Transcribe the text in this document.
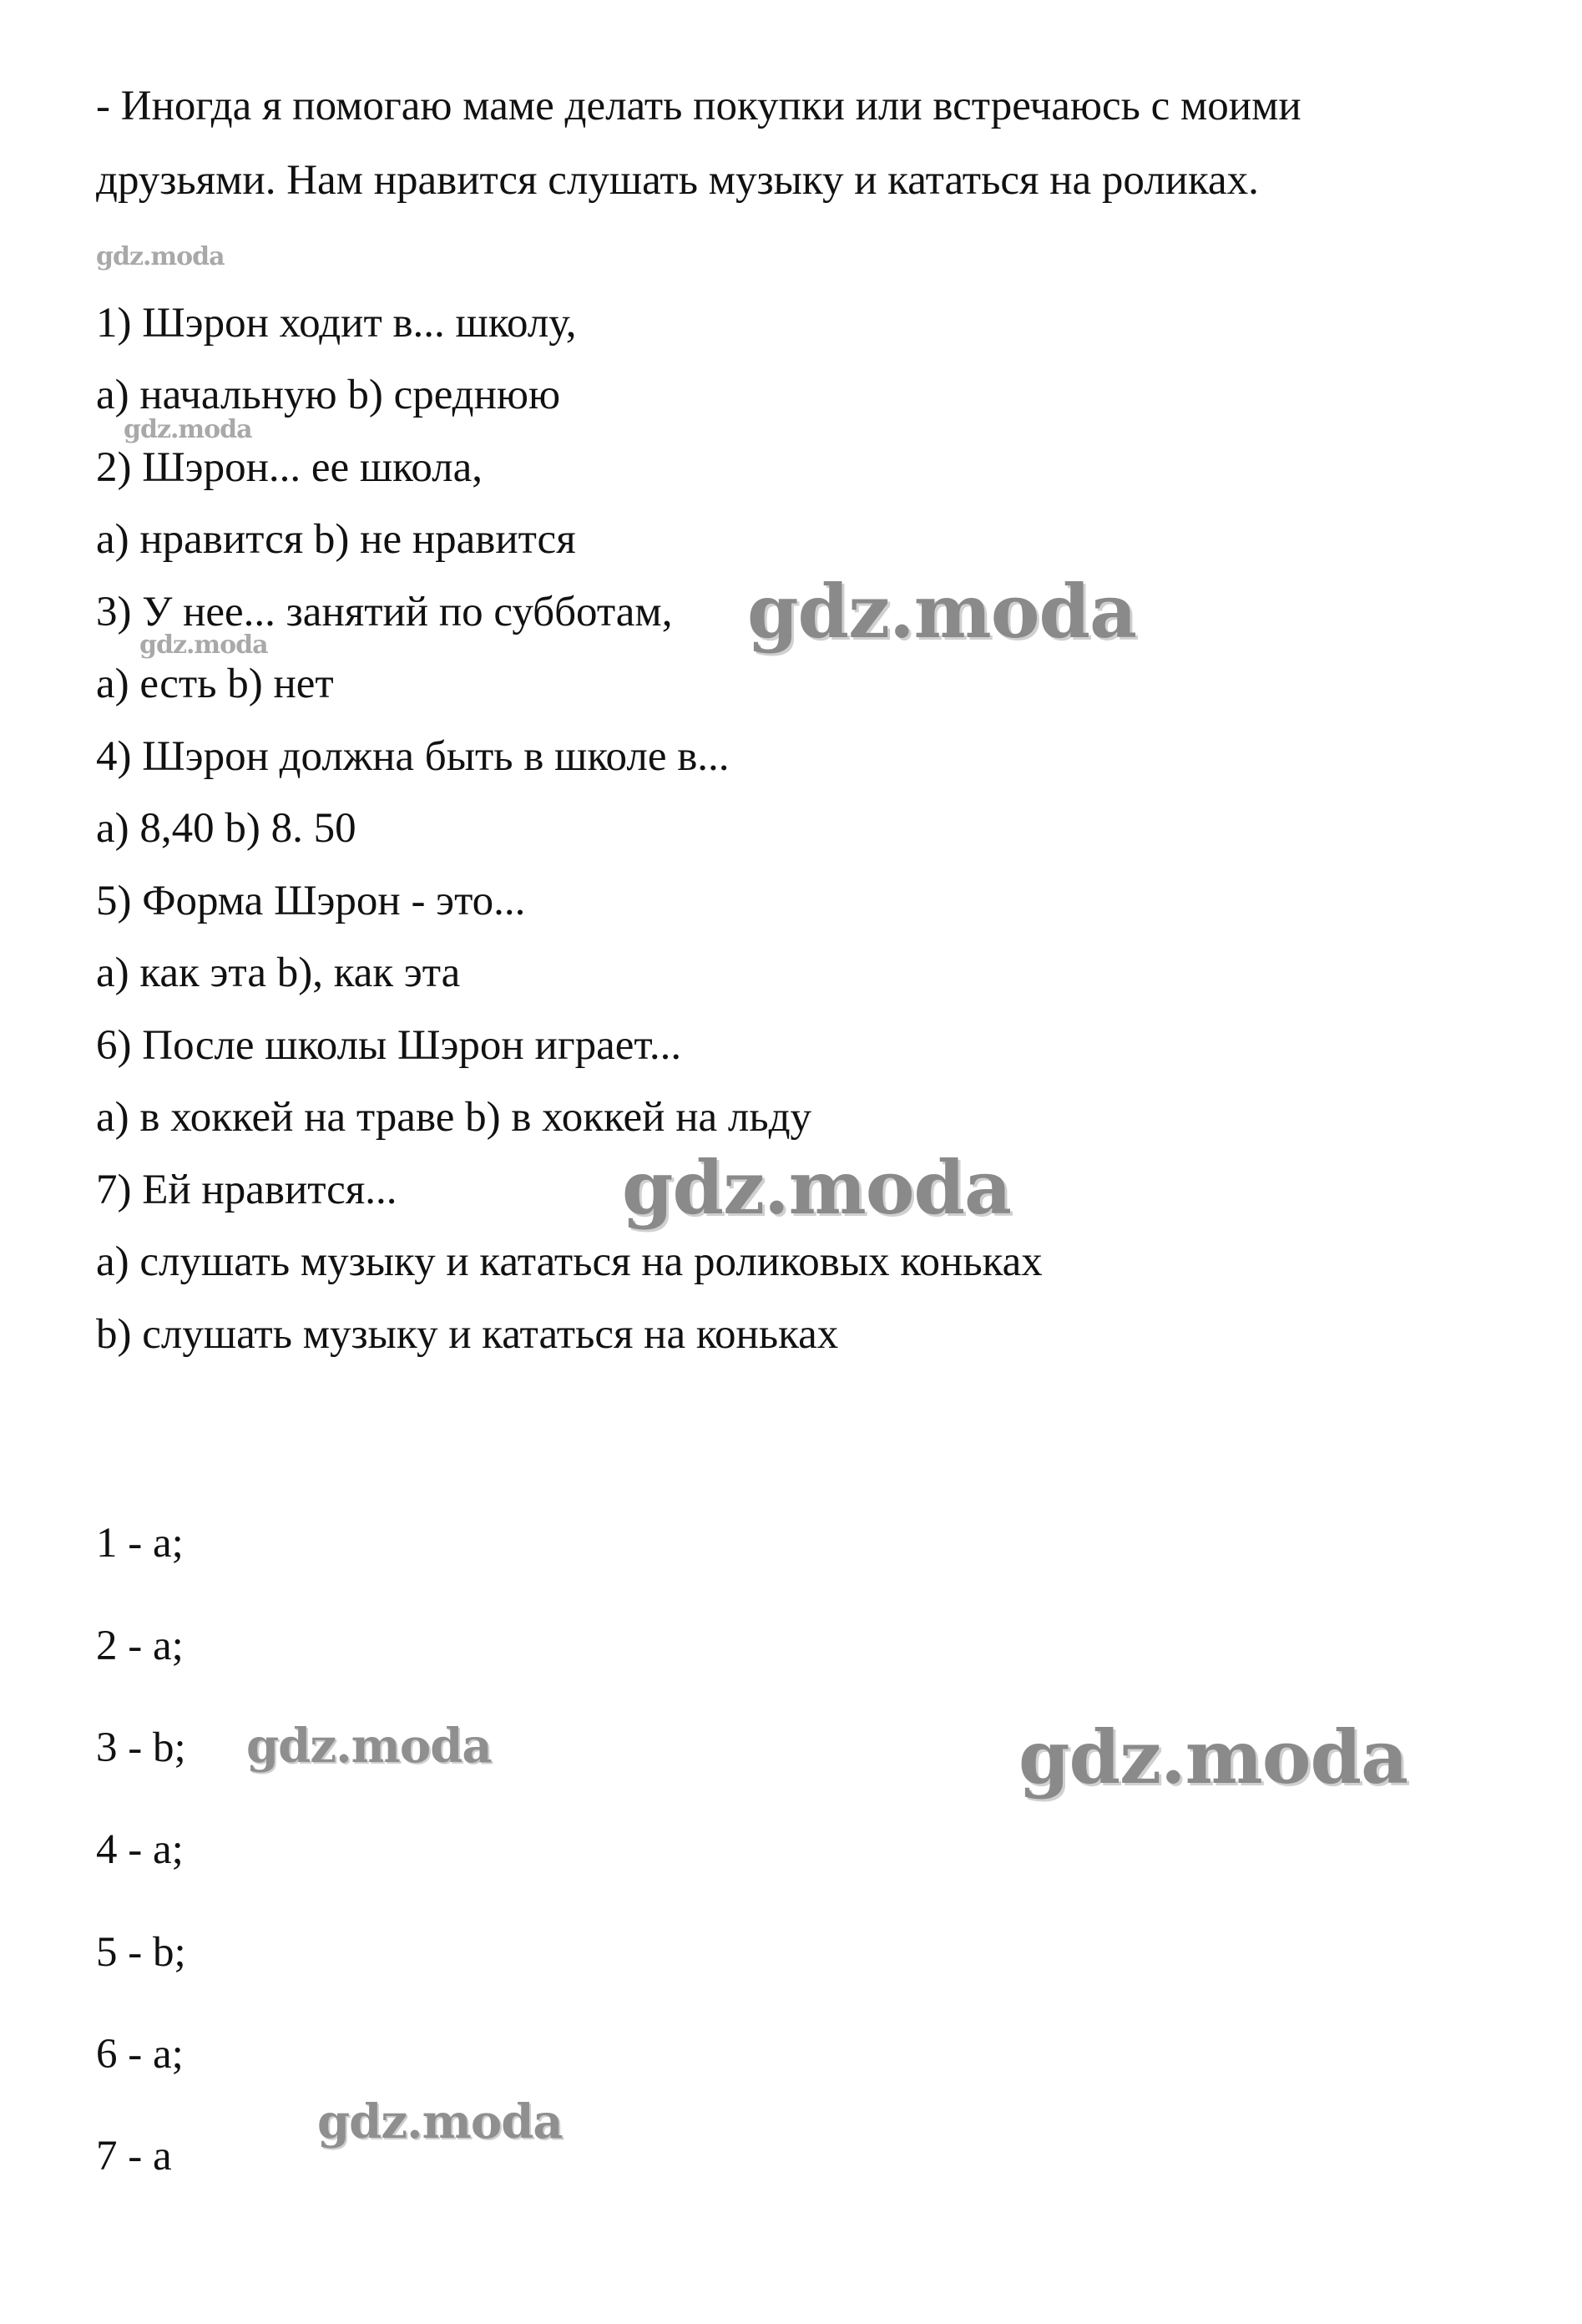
- Иногда я помогаю маме делать покупки или встречаюсь с моими

друзьями. Нам нравится слушать музыку и кататься на роликах.

1) Шэрон ходит в... школу,

a) начальную b) среднюю

2) Шэрон... ее школа,

a) нравится b) не нравится

3) У нее... занятий по субботам,

a) есть b) нет

4) Шэрон должна быть в школе в...

a) 8,40 b) 8. 50

5) Форма Шэрон - это...

a) как эта b), как эта

6) После школы Шэрон играет...

a) в хоккей на траве b) в хоккей на льду

7) Ей нравится...

a) слушать музыку и кататься на роликовых коньках

b) слушать музыку и кататься на коньках

1 - a;

2 - a;

3 - b;

4 - a;

5 - b;

6 - a;

7 - a

gdz.moda
gdz.moda
gdz.moda	gdz.moda
gdz.moda
gdz.moda	gdz.moda
gdz.moda
